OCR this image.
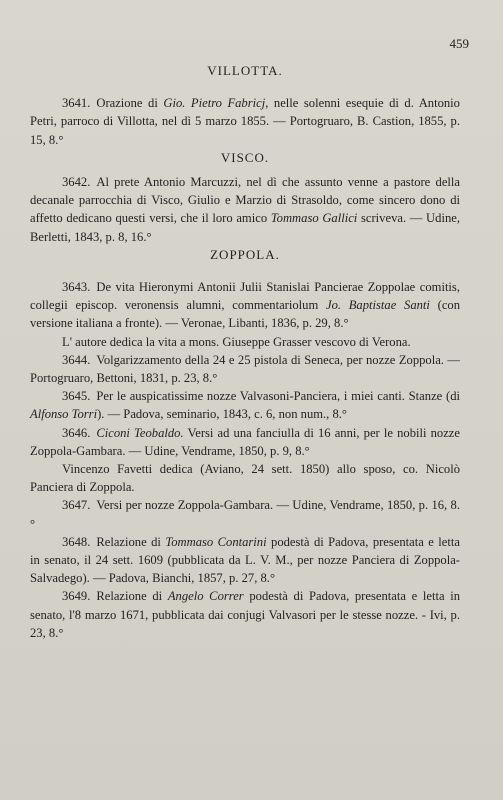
459
VILLOTTA.

3641. Orazione di Gio. Pietro Fabricj, nelle solenni esequie di d. Antonio Petri, parroco di Villotta, nel dì 5 marzo 1855. — Portogruaro, B. Castion, 1855, p. 15, 8.°

VISCO.

3642. Al prete Antonio Marcuzzi, nel dì che assunto venne a pastore della decanale parrocchia di Visco, Giulio e Marzio di Strasoldo, come sincero dono di affetto dedicano questi versi, che il loro amico Tommaso Gallici scriveva. — Udine, Berletti, 1843, p. 8, 16.°

ZOPPOLA.

3643. De vita Hieronymi Antonii Julii Stanislai Pancierae Zoppolae comitis, collegii episcop. veronensis alumni, commentariolum Jo. Baptistae Santi (con versione italiana a fronte). — Veronae, Libanti, 1836, p. 29, 8.°

L' autore dedica la vita a mons. Giuseppe Grasser vescovo di Verona.

3644. Volgarizzamento della 24 e 25 pistola di Seneca, per nozze Zoppola. — Portogruaro, Bettoni, 1831, p. 23, 8.°

3645. Per le auspicatissime nozze Valvasoni-Panciera, i miei canti. Stanze (di Alfonso Torri). — Padova, seminario, 1843, c. 6, non num., 8.°

3646. Ciconi Teobaldo. Versi ad una fanciulla di 16 anni, per le nobili nozze Zoppola-Gambara. — Udine, Vendrame, 1850, p. 9, 8.°

Vincenzo Favetti dedica (Aviano, 24 sett. 1850) allo sposo, co. Nicolò Panciera di Zoppola.

3647. Versi per nozze Zoppola-Gambara. — Udine, Vendrame, 1850, p. 16, 8.°

3648. Relazione di Tommaso Contarini podestà di Padova, presentata e letta in senato, il 24 sett. 1609 (pubblicata da L. V. M., per nozze Panciera di Zoppola-Salvadego). — Padova, Bianchi, 1857, p. 27, 8.°

3649. Relazione di Angelo Correr podestà di Padova, presentata e letta in senato, l'8 marzo 1671, pubblicata dai conjugi Valvasori per le stesse nozze. - Ivi, p. 23, 8.°
